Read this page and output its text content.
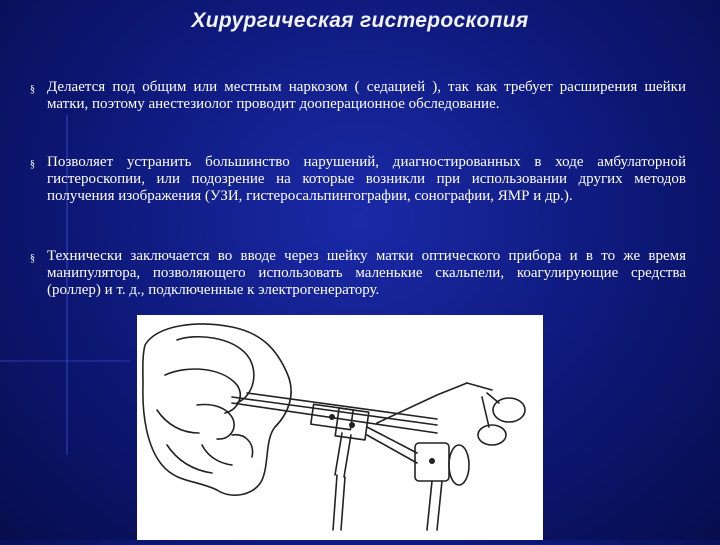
Хирургическая гистероскопия
§ Делается под общим или местным наркозом ( седацией ), так как требует расширения шейки матки, поэтому анестезиолог проводит дооперационное обследование.
§ Позволяет устранить большинство нарушений, диагностированных в ходе амбулаторной гистероскопии, или подозрение на которые возникли при использовании других методов получения изображения (УЗИ, гистеросальпингографии, сонографии, ЯМР и др.).
§ Технически заключается во вводе через шейку матки оптического прибора и в то же время манипулятора, позволяющего использовать маленькие скальпели, коагулирующие средства (роллер) и т. д., подключенные к электрогенератору.
